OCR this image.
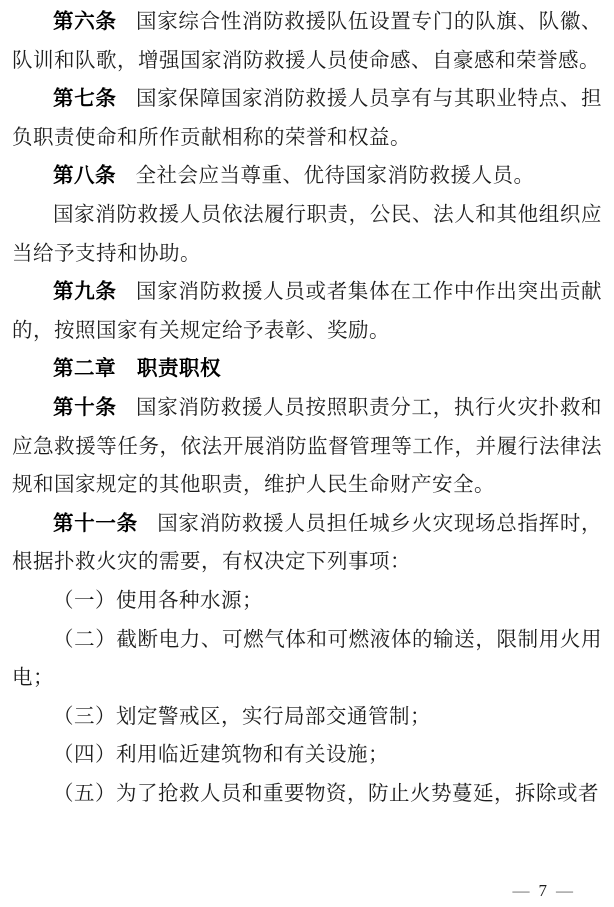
第六条 国家综合性消防救援队伍设置专门的队旗、队徽、队训和队歌，增强国家消防救援人员使命感、自豪感和荣誉感。

第七条 国家保障国家消防救援人员享有与其职业特点、担负职责使命和所作贡献相称的荣誉和权益。

第八条 全社会应当尊重、优待国家消防救援人员。

国家消防救援人员依法履行职责，公民、法人和其他组织应当给予支持和协助。

第九条 国家消防救援人员或者集体在工作中作出突出贡献的，按照国家有关规定给予表彰、奖励。

第二章　职责职权

第十条 国家消防救援人员按照职责分工，执行火灾扑救和应急救援等任务，依法开展消防监督管理等工作，并履行法律法规和国家规定的其他职责，维护人民生命财产安全。

第十一条 国家消防救援人员担任城乡火灾现场总指挥时，根据扑救火灾的需要，有权决定下列事项：

（一）使用各种水源；

（二）截断电力、可燃气体和可燃液体的输送，限制用火用电；

（三）划定警戒区，实行局部交通管制；

（四）利用临近建筑物和有关设施；

（五）为了抢救人员和重要物资，防止火势蔓延，拆除或者

— 7 —
